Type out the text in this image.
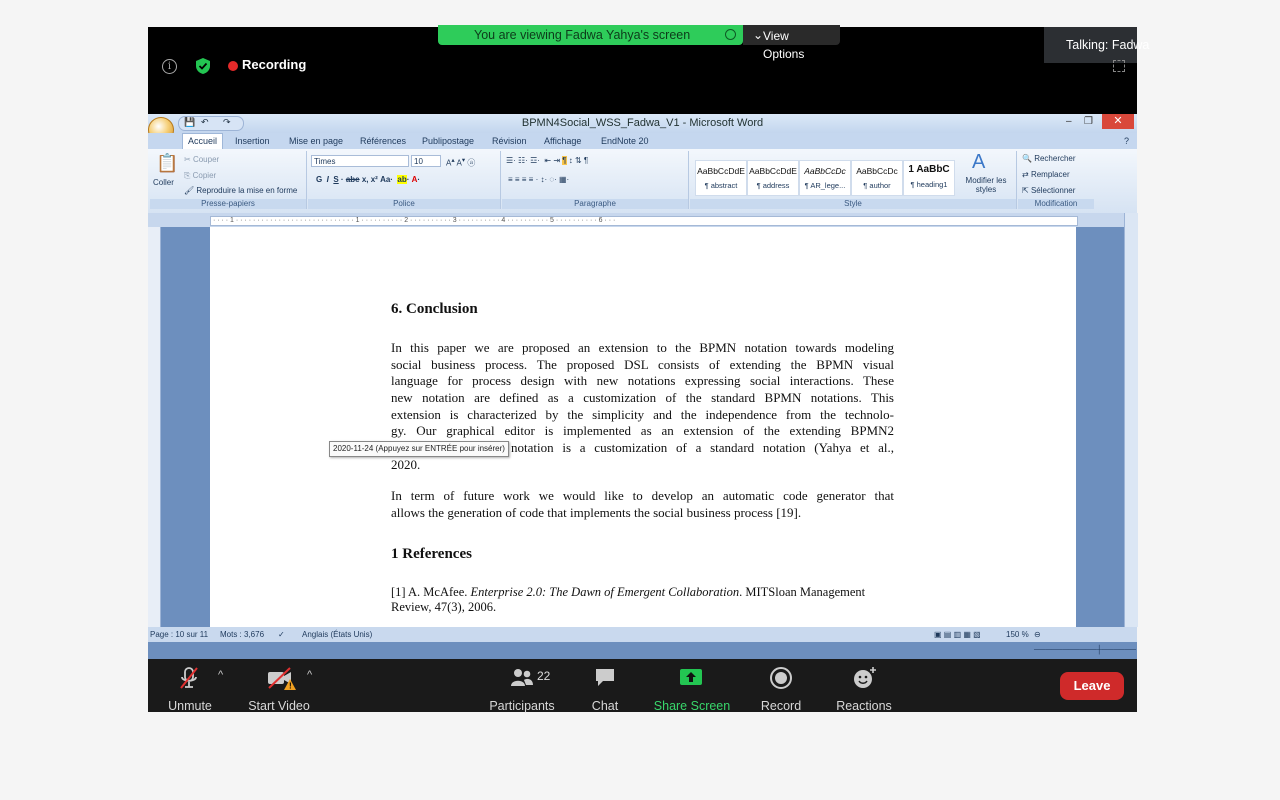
You are viewing Fadwa Yahya's screen	View Options
⌄
Talking: Fadwa
i	Recording
BPMN4Social_WSS_Fadwa_V1 - Microsoft Word
💾 ↶ ↷	– ❐	✕
Accueil	Insertion Mise en page Références Publipostage Révision Affichage EndNote 20	?
📋
Coller
✂ Couper
⎘ Copier
🖌 Reproduire la mise en forme
Presse-papiers
Times	10	A▴ A▾ ⓐ
G  I S · abe x, x² Aa·  ab· A·
Police
☰· ☷· ☲·  ⇤ ⇥ ¶ ↕ ⇅ ¶
≡ ≡ ≡ ≡ · ↕· ◌· ▦·
Paragraphe
AaBbCcDdE
¶ abstract
AaBbCcDdE
¶ address
AaBbCcDc
¶ AR_lege...
AaBbCcDc
¶ author
1 AaBbC
¶ heading1
A
Modifier les styles
Style
🔍 Rechercher
⇄ Remplacer
⇱ Sélectionner
Modification
· · · · 1 · · · · · · · · · · · · · · · · · · · · · · · · · · · · 1 · · · · · · · · · · 2 · · · · · · · · · · 3 · · · · · · · · · · 4 · · · · · · · · · · 5 · · · · · · · · · · 6 · · ·
6. Conclusion
In this paper we are proposed an extension to the BPMN notation towards modeling
social business process. The proposed DSL consists of extending the BPMN visual
language for process design with new notations expressing social interactions. These
new notation are defined as a customization of the standard BPMN notations. This
extension is characterized by the simplicity and the independence from the technolo-
gy. Our graphical editor is implemented as an extension of the extending BPMN2
notation is a customization of a standard notation (Yahya et al.,
2020.
2020-11-24 (Appuyez sur ENTRÉE pour insérer)
In term of future work we would like to develop an automatic code generator that
allows the generation of code that implements the social business process [19].
1 References
[1] A. McAfee. Enterprise 2.0: The Dawn of Emergent Collaboration. MITSloan Management
Review, 47(3), 2006.
Page : 10 sur 11 Mots : 3,676 ✓ Anglais (États Unis)	▣ ▤ ▥ ▦ ▧	150 % ⊖ ───────────┼──────
^
Unmute
!
^
Start Video
22
Participants	Chat	Share Screen Record	Reactions
Leave
